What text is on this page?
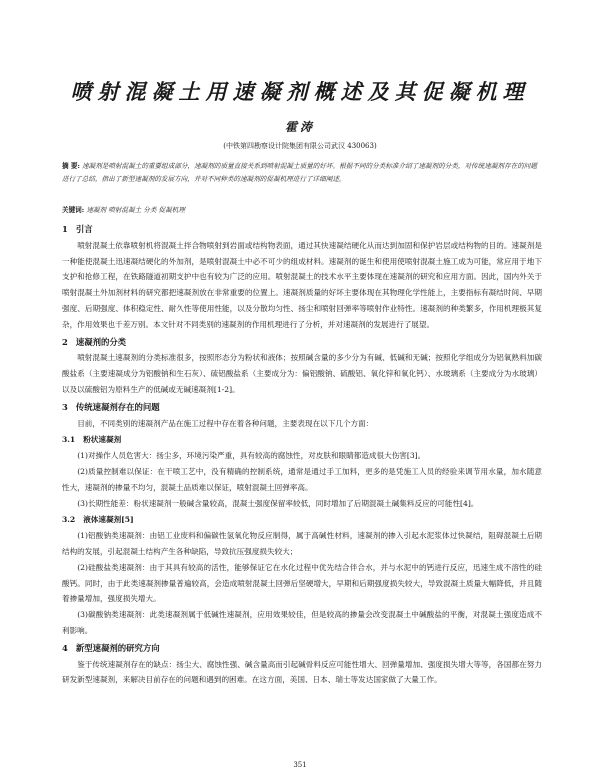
喷射混凝土用速凝剂概述及其促凝机理
霍涛
(中铁第四勘察设计院集团有限公司武汉 430063)
摘 要: 速凝剂是喷射混凝土的重要组成部分，速凝剂的质量直接关系到喷射混凝土质量的好坏。根据不同的分类标准介绍了速凝剂的分类，对传统速凝剂存在的问题进行了总结，指出了新型速凝剂的发展方向，并对不同种类的速凝剂的促凝机理进行了详细阐述。
关键词: 速凝剂 喷射混凝土 分类 促凝机理
1 引言

喷射混凝土依靠喷射机将混凝土拌合物喷射到岩面或结构物表面，通过其快速凝结硬化从而达到加固和保护岩层或结构物的目的。速凝剂是一种能使混凝土迅速凝结硬化的外加剂，是喷射混凝土中必不可少的组成材料。速凝剂的诞生和使用使喷射混凝土施工成为可能，常应用于地下支护和抢修工程，在铁路隧道初期支护中也有较为广泛的应用。喷射混凝土的技术水平主要体现在速凝剂的研究和应用方面。因此，国内外关于喷射混凝土外加剂材料的研究都把速凝剂放在非常重要的位置上。速凝剂质量的好坏主要体现在其物理化学性能上，主要指标有凝结时间、早期强度、后期强度、体积稳定性、耐久性等使用性能，以及分散均匀性、扬尘和喷射回弹率等喷射作业特性。速凝剂的种类繁多，作用机理极其复杂，作用效果也千差万别。本文针对不同类别的速凝剂的作用机理进行了分析，并对速凝剂的发展进行了展望。

2 速凝剂的分类

喷射混凝土速凝剂的分类标准很多，按照形态分为粉状和液体；按照碱含量的多少分为有碱、低碱和无碱；按照化学组成分为铝氧熟料加碳酸盐系（主要速凝成分为铝酸钠和生石灰）、硫铝酸盐系（主要成分为：偏铝酸钠、硫酸铝、氧化锌和氧化钙）、水玻璃系（主要成分为水玻璃）以及以硫酸铝为原料生产的低碱或无碱速凝剂[1-2]。

3 传统速凝剂存在的问题

目前，不同类别的速凝剂产品在施工过程中存在着各种问题，主要表现在以下几个方面：

3.1 粉状速凝剂

(1)对操作人员危害大：扬尘多，环境污染严重，具有较高的腐蚀性，对皮肤和眼睛都造成很大伤害[3]。

(2)质量控制难以保证：在干喷工艺中，没有精确的控制系统，通常是通过手工加料，更多的是凭施工人员的经验来调节用水量，加水随意性大，速凝剂的掺量不均匀，混凝土品质难以保证，喷射混凝土回弹率高。

(3)长期性能差：粉状速凝剂一般碱含量较高，混凝土强度保留率较低，同时增加了后期混凝土碱集料反应的可能性[4]。

3.2 液体速凝剂[5]

(1)铝酸钠类速凝剂：由铝工业废料和偏碳性氢氧化物反应制得，属于高碱性材料，速凝剂的掺入引起水泥浆体过快凝结，阻碍混凝土后期结构的发展，引起混凝土结构产生各种缺陷，导致抗压强度损失较大；

(2)硅酸盐类速凝剂：由于其具有较高的活性，能够保证它在水化过程中优先结合伴合水，并与水泥中的钙进行反应，迅速生成不溶性的硅酸钙。同时，由于此类速凝剂掺量普遍较高，会造成喷射混凝土回弹后坚硬增大，早期和后期强度损失较大，导致混凝土质量大幅降低，并且随着掺量增加，强度损失增大。

(3)碳酸钠类速凝剂：此类速凝剂属于低碱性速凝剂，应用效果较佳，但是较高的掺量会改变混凝土中碱酸盐的平衡，对混凝土强度造成不利影响。

4 新型速凝剂的研究方向

鉴于传统速凝剂存在的缺点：扬尘大、腐蚀性强、碱含量高而引起碱骨料反应可能性增大、回弹量增加、强度损失增大等等，各国都在努力研发新型速凝剂，来解决目前存在的问题和遇到的困难。在这方面，美国、日本、瑞士等发达国家做了大量工作。

351
